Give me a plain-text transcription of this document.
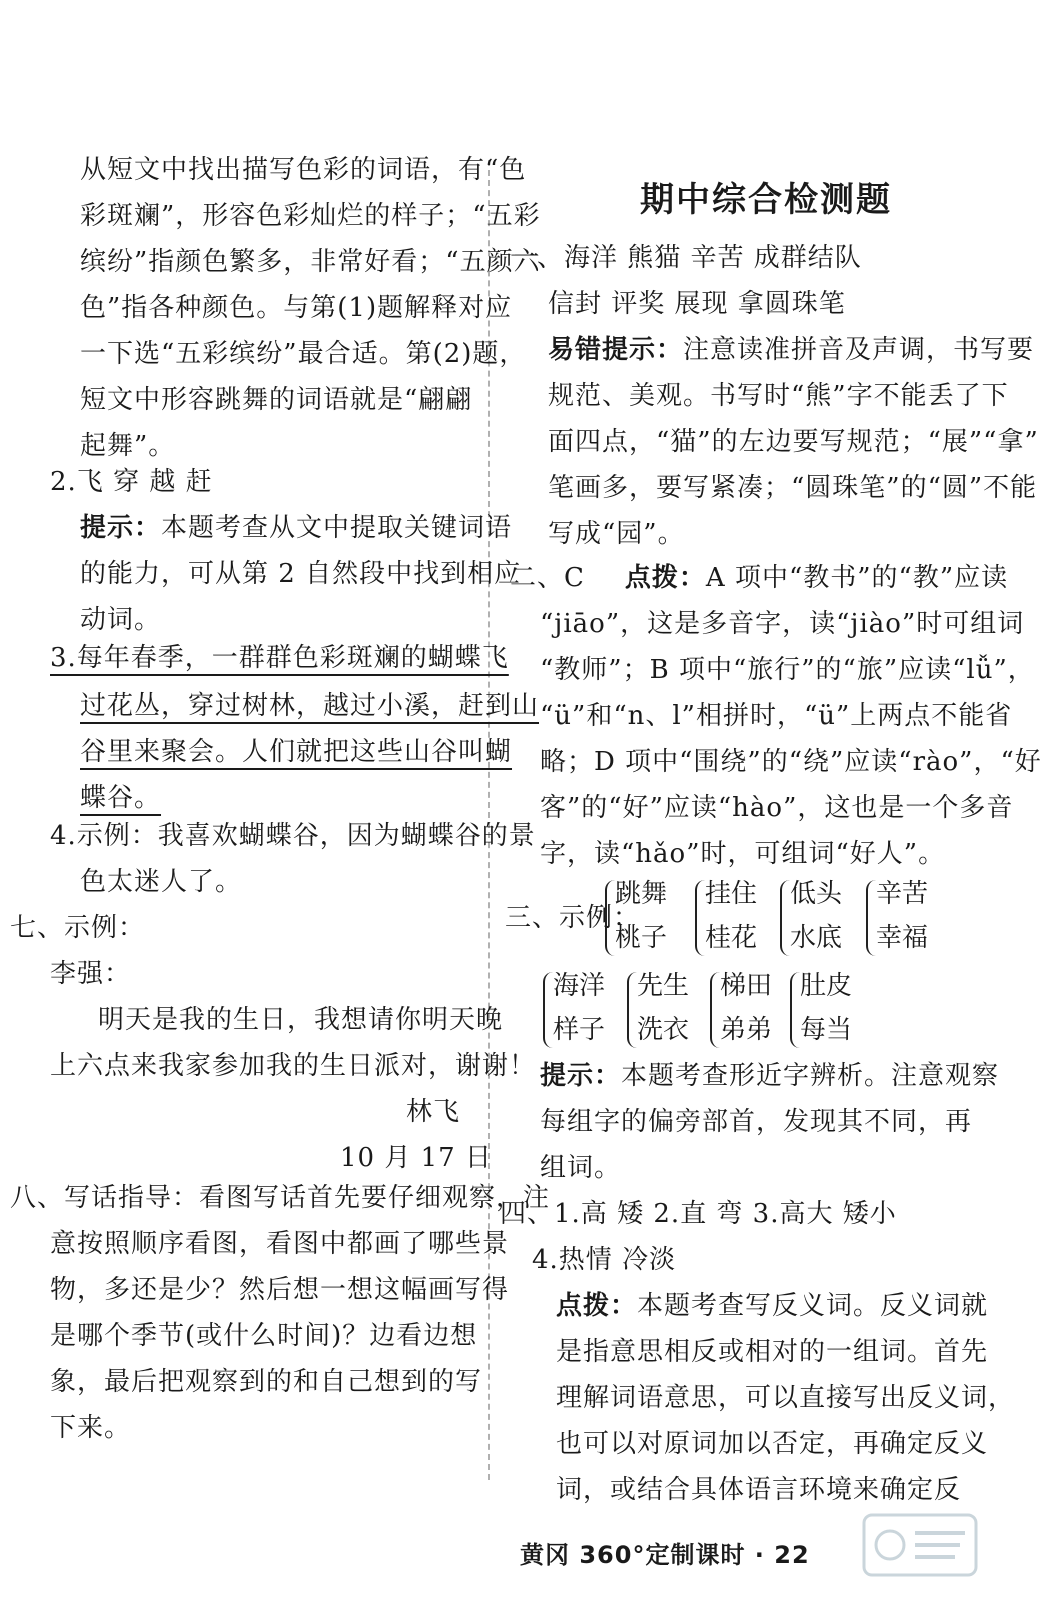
从短文中找出描写色彩的词语，有“色
彩斑斓”，形容色彩灿烂的样子；“五彩
缤纷”指颜色繁多，非常好看；“五颜六
色”指各种颜色。与第(1)题解释对应
一下选“五彩缤纷”最合适。第(2)题，
短文中形容跳舞的词语就是“翩翩
起舞”。
2.飞 穿 越 赶
提示：本题考查从文中提取关键词语
的能力，可从第 2 自然段中找到相应
动词。
3.每年春季，一群群色彩斑斓的蝴蝶飞
过花丛，穿过树林，越过小溪，赶到山
谷里来聚会。人们就把这些山谷叫蝴
蝶谷。
4.示例：我喜欢蝴蝶谷，因为蝴蝶谷的景
色太迷人了。
七、示例：
李强：
明天是我的生日，我想请你明天晚
上六点来我家参加我的生日派对，谢谢！
林飞
10 月 17 日
八、写话指导：看图写话首先要仔细观察，注
意按照顺序看图，看图中都画了哪些景
物，多还是少？然后想一想这幅画写得
是哪个季节(或什么时间)？边看边想
象，最后把观察到的和自己想到的写
下来。
期中综合检测题
一、海洋 熊猫 辛苦 成群结队
信封 评奖 展现 拿圆珠笔
易错提示：注意读准拼音及声调，书写要
规范、美观。书写时“熊”字不能丢了下
面四点，“猫”的左边要写规范；“展”“拿”
笔画多，要写紧凑；“圆珠笔”的“圆”不能
写成“园”。
二、C 点拨：A 项中“教书”的“教”应读
“jiāo”，这是多音字，读“jiào”时可组词
“教师”；B 项中“旅行”的“旅”应读“lǚ”，
“ü”和“n、l”相拼时，“ü”上两点不能省
略；D 项中“围绕”的“绕”应读“rào”，“好
客”的“好”应读“hào”，这也是一个多音
字，读“hǎo”时，可组词“好人”。
三、示例：
跳舞
桃子
挂住
桂花
低头
水底
辛苦
幸福
海洋
样子
先生
洗衣
梯田
弟弟
肚皮
每当
提示：本题考查形近字辨析。注意观察
每组字的偏旁部首，发现其不同，再
组词。
四、1.高 矮 2.直 弯 3.高大 矮小
4.热情 冷淡
点拨：本题考查写反义词。反义词就
是指意思相反或相对的一组词。首先
理解词语意思，可以直接写出反义词，
也可以对原词加以否定，再确定反义
词，或结合具体语言环境来确定反
黄冈 360°定制课时 · 22
